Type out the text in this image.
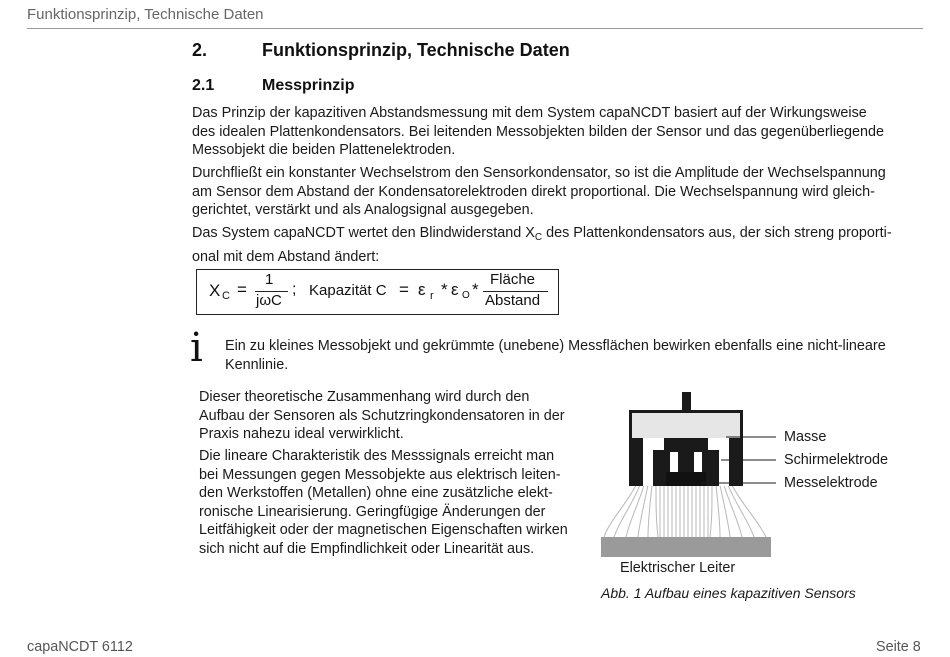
Funktionsprinzip, Technische Daten
2.	Funktionsprinzip, Technische Daten
2.1	Messprinzip
Das Prinzip der kapazitiven Abstandsmessung mit dem System capaNCDT basiert auf der Wirkungsweise
des idealen Plattenkondensators. Bei leitenden Messobjekten bilden der Sensor und das gegenüberliegende
Messobjekt die beiden Plattenelektroden.
Durchfließt ein konstanter Wechselstrom den Sensorkondensator, so ist die Amplitude der Wechselspannung
am Sensor dem Abstand der Kondensatorelektroden direkt proportional. Die Wechselspannung wird gleich-
gerichtet, verstärkt und als Analogsignal ausgegeben.
Das System capaNCDT wertet den Blindwiderstand $X_C$ des Plattenkondensators aus, der sich streng proporti-
onal mit dem Abstand ändert:
X C =
1
jωC
; Kapazität C = ε r * ε O *
Fläche
Abstand
i Ein zu kleines Messobjekt und gekrümmte (unebene) Messflächen bewirken ebenfalls eine nicht-lineare
Kennlinie.
Dieser theoretische Zusammenhang wird durch den
Aufbau der Sensoren als Schutzringkondensatoren in der
Praxis nahezu ideal verwirklicht.
Die lineare Charakteristik des Messsignals erreicht man
bei Messungen gegen Messobjekte aus elektrisch leiten-
den Werkstoffen (Metallen) ohne eine zusätzliche elekt-
ronische Linearisierung. Geringfügige Änderungen der
Leitfähigkeit oder der magnetischen Eigenschaften wirken
sich nicht auf die Empfindlichkeit oder Linearität aus.
Masse
Schirmelektrode
Messelektrode
Elektrischer Leiter
Abb. 1 Aufbau eines kapazitiven Sensors
capaNCDT 6112	Seite 8
